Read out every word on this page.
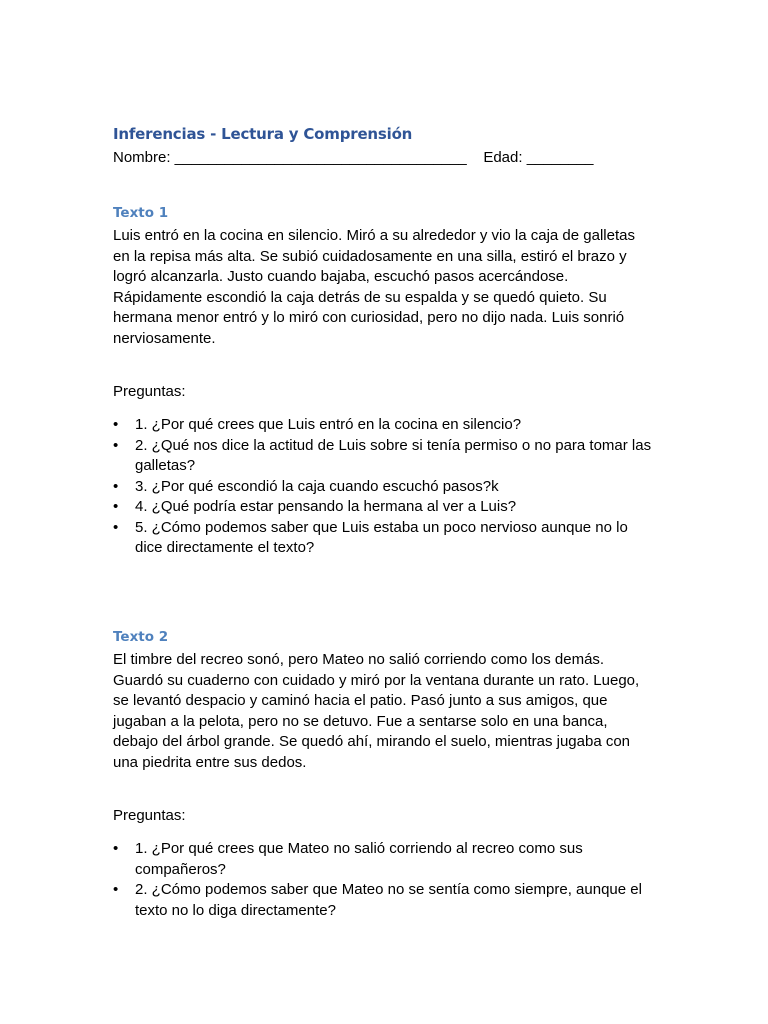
Inferencias - Lectura y Comprensión
Nombre: ___________________________________    Edad: ________
Texto 1
Luis entró en la cocina en silencio. Miró a su alrededor y vio la caja de galletas
en la repisa más alta. Se subió cuidadosamente en una silla, estiró el brazo y
logró alcanzarla. Justo cuando bajaba, escuchó pasos acercándose.
Rápidamente escondió la caja detrás de su espalda y se quedó quieto. Su
hermana menor entró y lo miró con curiosidad, pero no dijo nada. Luis sonrió
nerviosamente.
Preguntas:
• 1. ¿Por qué crees que Luis entró en la cocina en silencio?
• 2. ¿Qué nos dice la actitud de Luis sobre si tenía permiso o no para tomar las
galletas?
• 3. ¿Por qué escondió la caja cuando escuchó pasos?k
• 4. ¿Qué podría estar pensando la hermana al ver a Luis?
• 5. ¿Cómo podemos saber que Luis estaba un poco nervioso aunque no lo
dice directamente el texto?
Texto 2
El timbre del recreo sonó, pero Mateo no salió corriendo como los demás.
Guardó su cuaderno con cuidado y miró por la ventana durante un rato. Luego,
se levantó despacio y caminó hacia el patio. Pasó junto a sus amigos, que
jugaban a la pelota, pero no se detuvo. Fue a sentarse solo en una banca,
debajo del árbol grande. Se quedó ahí, mirando el suelo, mientras jugaba con
una piedrita entre sus dedos.
Preguntas:
• 1. ¿Por qué crees que Mateo no salió corriendo al recreo como sus
compañeros?
• 2. ¿Cómo podemos saber que Mateo no se sentía como siempre, aunque el
texto no lo diga directamente?
